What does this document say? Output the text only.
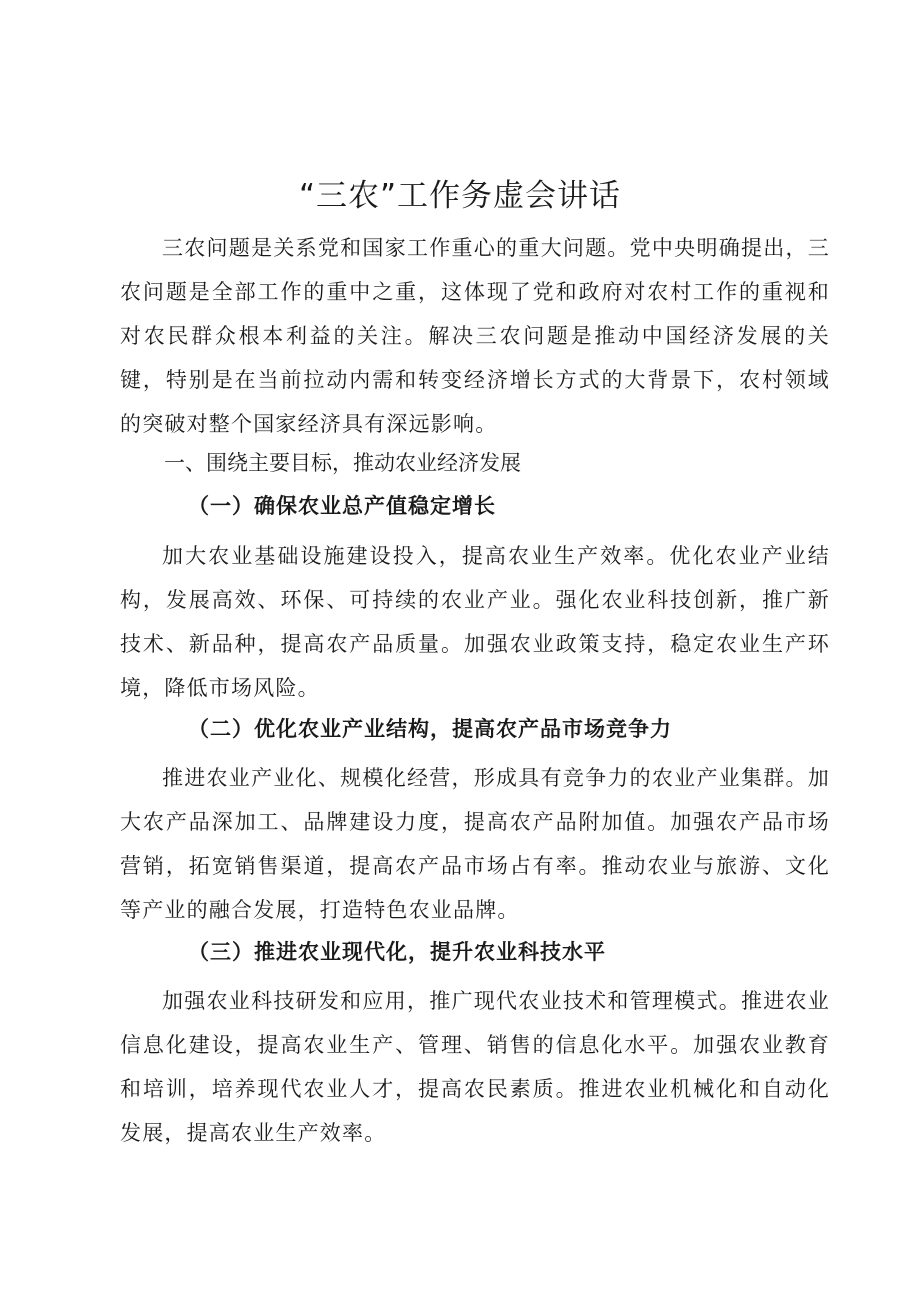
“三农”工作务虚会讲话

三农问题是关系党和国家工作重心的重大问题。党中央明确提出，三农问题是全部工作的重中之重，这体现了党和政府对农村工作的重视和对农民群众根本利益的关注。解决三农问题是推动中国经济发展的关键，特别是在当前拉动内需和转变经济增长方式的大背景下，农村领域的突破对整个国家经济具有深远影响。

一、围绕主要目标，推动农业经济发展
（一）确保农业总产值稳定增长

加大农业基础设施建设投入，提高农业生产效率。优化农业产业结构，发展高效、环保、可持续的农业产业。强化农业科技创新，推广新技术、新品种，提高农产品质量。加强农业政策支持，稳定农业生产环境，降低市场风险。

（二）优化农业产业结构，提高农产品市场竞争力

推进农业产业化、规模化经营，形成具有竞争力的农业产业集群。加大农产品深加工、品牌建设力度，提高农产品附加值。加强农产品市场营销，拓宽销售渠道，提高农产品市场占有率。推动农业与旅游、文化等产业的融合发展，打造特色农业品牌。

（三）推进农业现代化，提升农业科技水平

加强农业科技研发和应用，推广现代农业技术和管理模式。推进农业信息化建设，提高农业生产、管理、销售的信息化水平。加强农业教育和培训，培养现代农业人才，提高农民素质。推进农业机械化和自动化发展，提高农业生产效率。
